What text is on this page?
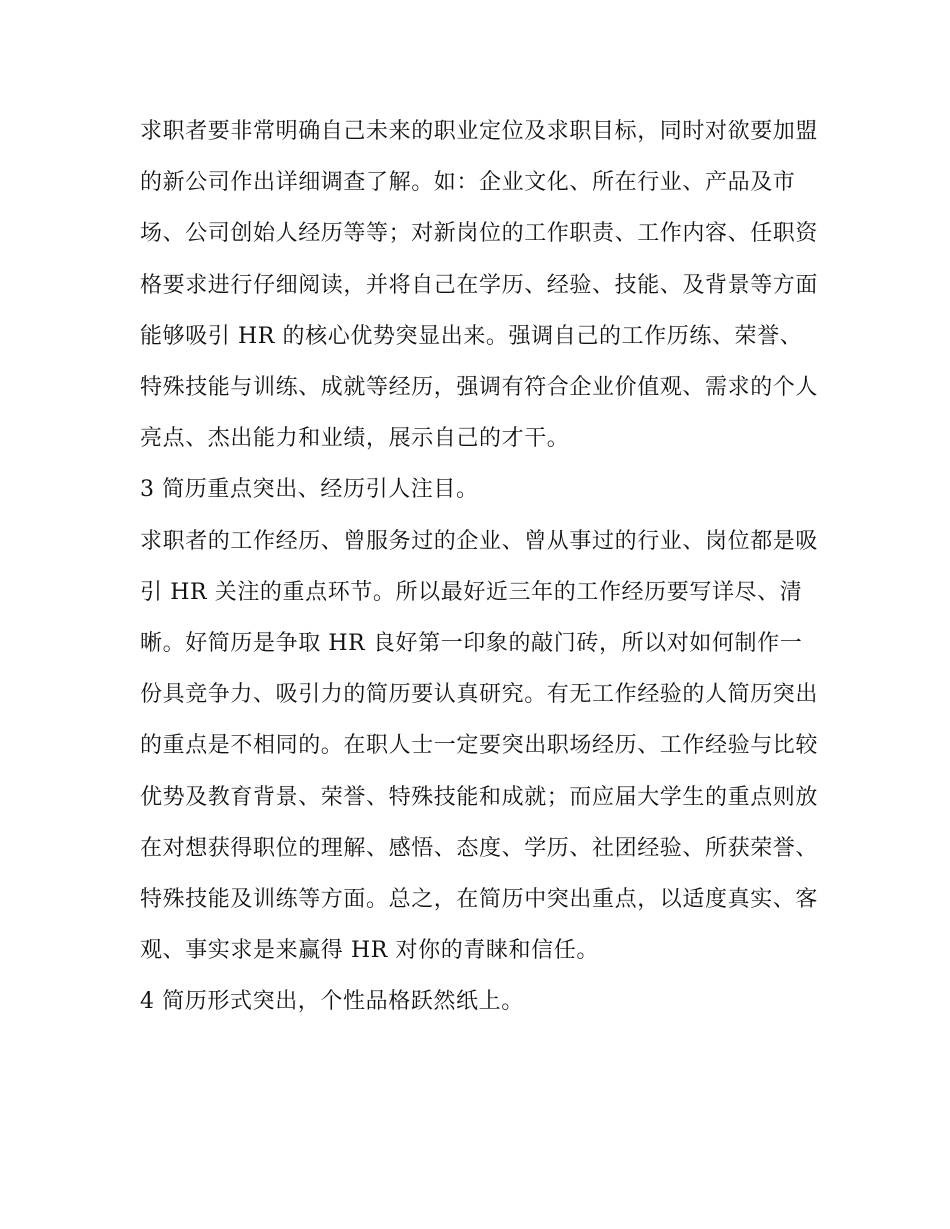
求职者要非常明确自己未来的职业定位及求职目标，同时对欲要加盟的新公司作出详细调查了解。如：企业文化、所在行业、产品及市场、公司创始人经历等等；对新岗位的工作职责、工作内容、任职资格要求进行仔细阅读，并将自己在学历、经验、技能、及背景等方面能够吸引 HR 的核心优势突显出来。强调自己的工作历练、荣誉、特殊技能与训练、成就等经历，强调有符合企业价值观、需求的个人亮点、杰出能力和业绩，展示自己的才干。

3 简历重点突出、经历引人注目。

求职者的工作经历、曾服务过的企业、曾从事过的行业、岗位都是吸引 HR 关注的重点环节。所以最好近三年的工作经历要写详尽、清晰。好简历是争取 HR 良好第一印象的敲门砖，所以对如何制作一份具竞争力、吸引力的简历要认真研究。有无工作经验的人简历突出的重点是不相同的。在职人士一定要突出职场经历、工作经验与比较优势及教育背景、荣誉、特殊技能和成就；而应届大学生的重点则放在对想获得职位的理解、感悟、态度、学历、社团经验、所获荣誉、特殊技能及训练等方面。总之，在简历中突出重点，以适度真实、客观、事实求是来赢得 HR 对你的青睐和信任。

4 简历形式突出，个性品格跃然纸上。
